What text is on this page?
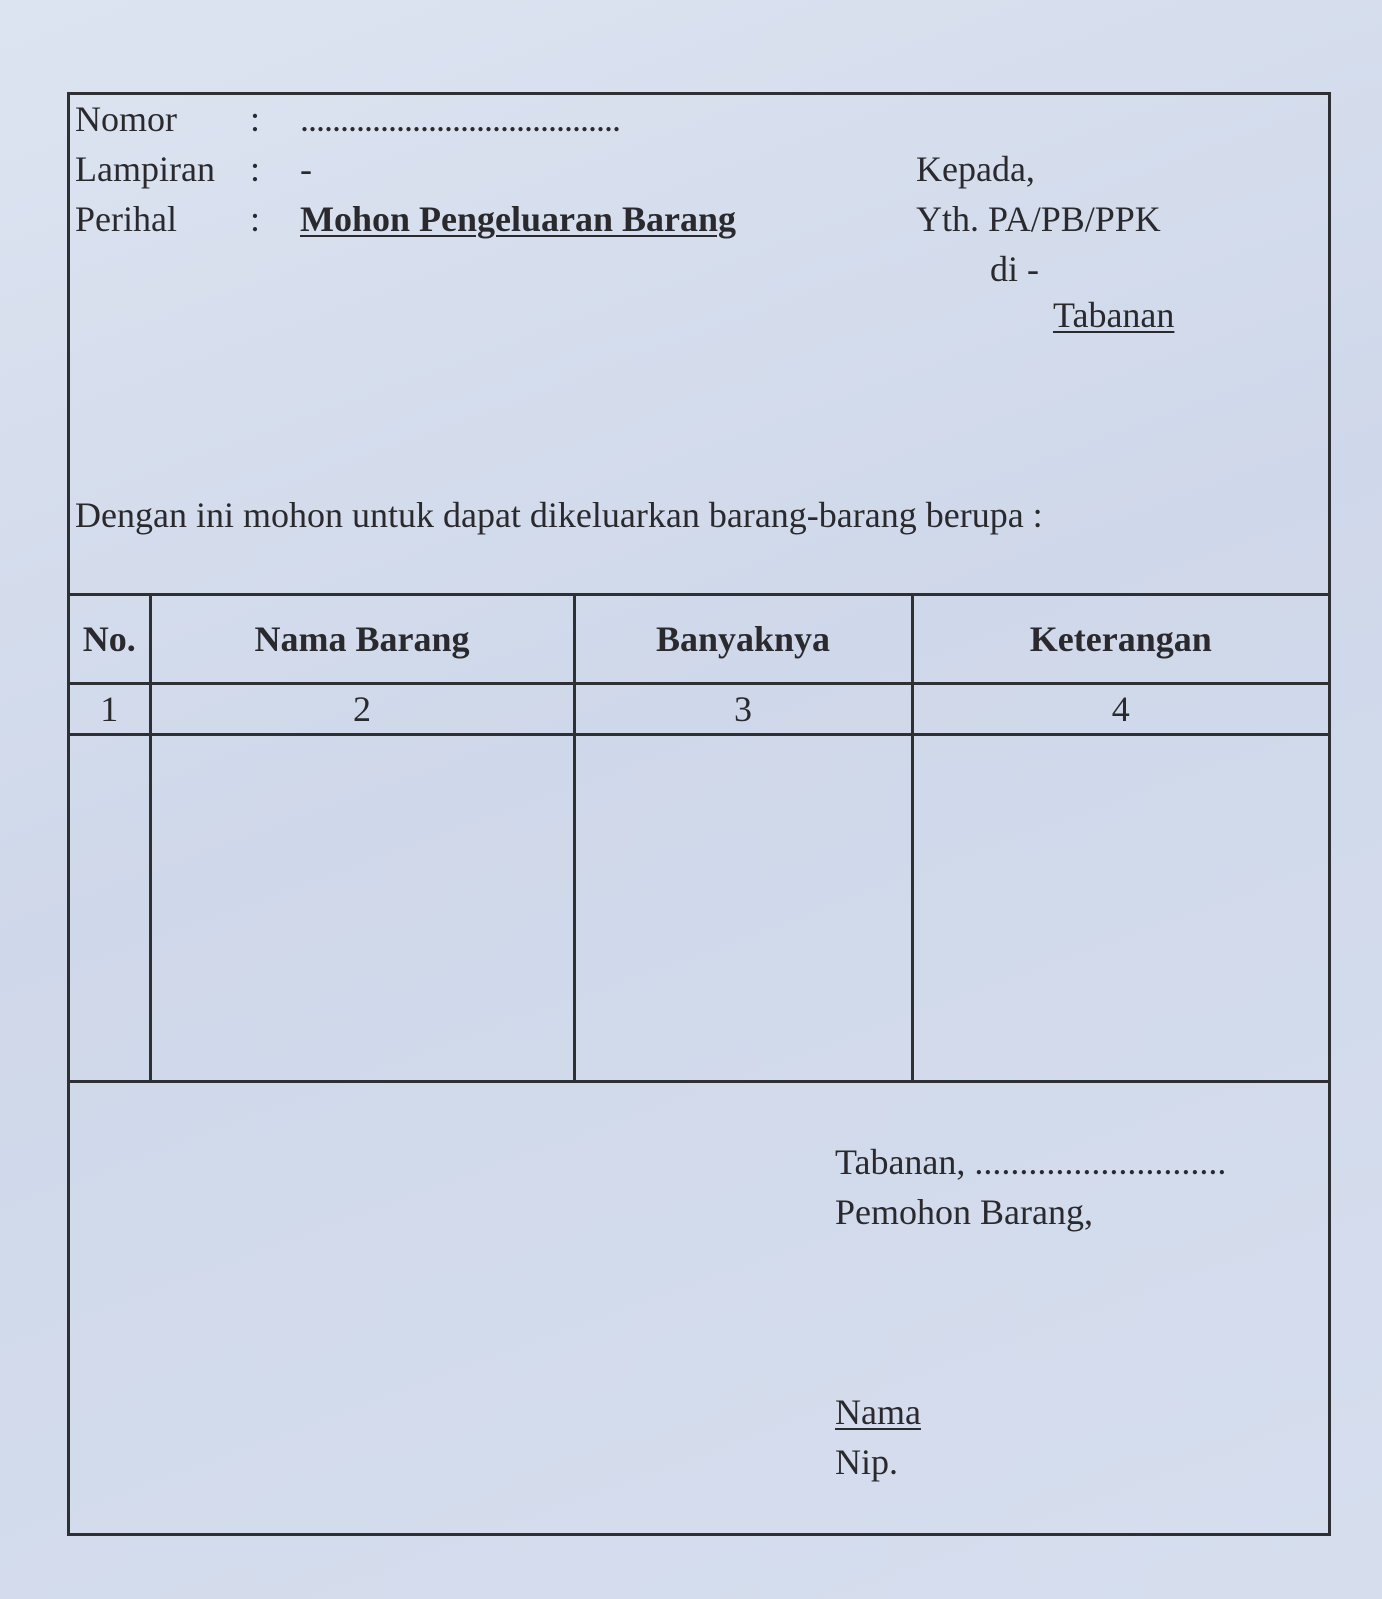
Nomor : ........................................
Lampiran : -
Perihal : Mohon Pengeluaran Barang
Kepada,
Yth. PA/PB/PPK
di -
Tabanan
Dengan ini mohon untuk dapat dikeluarkan barang-barang berupa :
No.	Nama Barang	Banyaknya	Keterangan
1	2	3	4

Tabanan, ............................
Pemohon Barang,
Nama
Nip.
